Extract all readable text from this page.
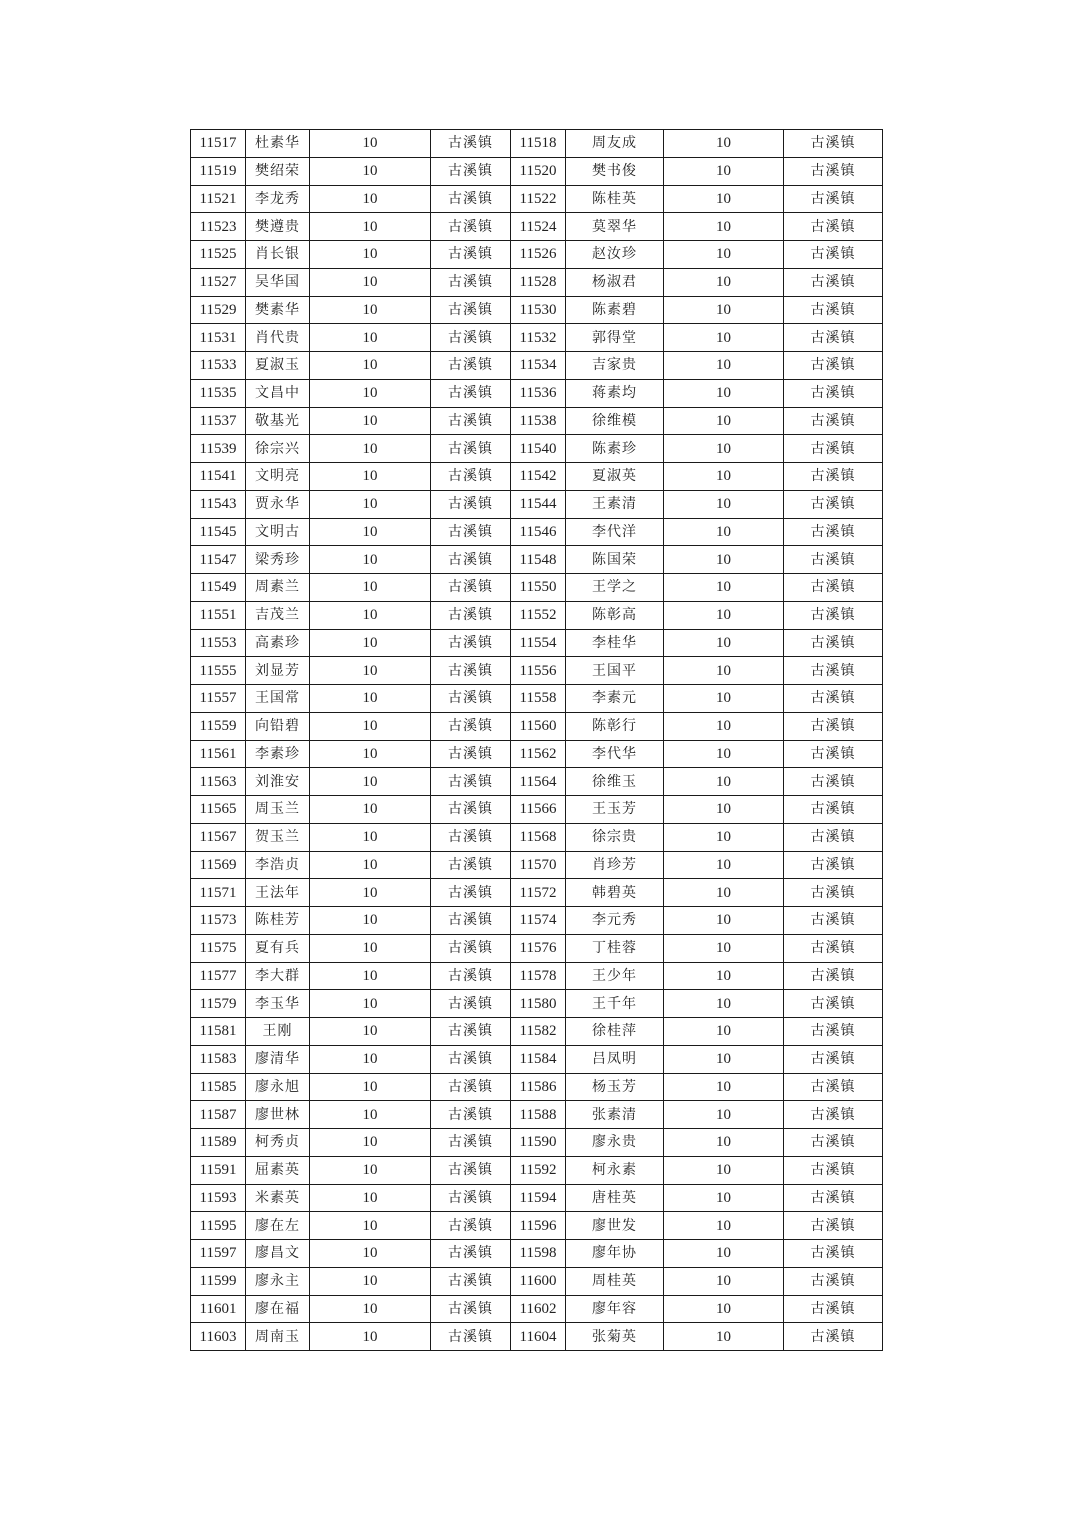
11517	杜素华	10	古溪镇	11518	周友成	10	古溪镇
11519	樊绍荣	10	古溪镇	11520	樊书俊	10	古溪镇
11521	李龙秀	10	古溪镇	11522	陈桂英	10	古溪镇
11523	樊遵贵	10	古溪镇	11524	莫翠华	10	古溪镇
11525	肖长银	10	古溪镇	11526	赵汝珍	10	古溪镇
11527	吴华国	10	古溪镇	11528	杨淑君	10	古溪镇
11529	樊素华	10	古溪镇	11530	陈素碧	10	古溪镇
11531	肖代贵	10	古溪镇	11532	郭得堂	10	古溪镇
11533	夏淑玉	10	古溪镇	11534	吉家贵	10	古溪镇
11535	文昌中	10	古溪镇	11536	蒋素均	10	古溪镇
11537	敬基光	10	古溪镇	11538	徐维模	10	古溪镇
11539	徐宗兴	10	古溪镇	11540	陈素珍	10	古溪镇
11541	文明亮	10	古溪镇	11542	夏淑英	10	古溪镇
11543	贾永华	10	古溪镇	11544	王素清	10	古溪镇
11545	文明古	10	古溪镇	11546	李代洋	10	古溪镇
11547	梁秀珍	10	古溪镇	11548	陈国荣	10	古溪镇
11549	周素兰	10	古溪镇	11550	王学之	10	古溪镇
11551	吉茂兰	10	古溪镇	11552	陈彰高	10	古溪镇
11553	高素珍	10	古溪镇	11554	李桂华	10	古溪镇
11555	刘显芳	10	古溪镇	11556	王国平	10	古溪镇
11557	王国常	10	古溪镇	11558	李素元	10	古溪镇
11559	向铅碧	10	古溪镇	11560	陈彰行	10	古溪镇
11561	李素珍	10	古溪镇	11562	李代华	10	古溪镇
11563	刘淮安	10	古溪镇	11564	徐维玉	10	古溪镇
11565	周玉兰	10	古溪镇	11566	王玉芳	10	古溪镇
11567	贺玉兰	10	古溪镇	11568	徐宗贵	10	古溪镇
11569	李浩贞	10	古溪镇	11570	肖珍芳	10	古溪镇
11571	王法年	10	古溪镇	11572	韩碧英	10	古溪镇
11573	陈桂芳	10	古溪镇	11574	李元秀	10	古溪镇
11575	夏有兵	10	古溪镇	11576	丁桂蓉	10	古溪镇
11577	李大群	10	古溪镇	11578	王少年	10	古溪镇
11579	李玉华	10	古溪镇	11580	王千年	10	古溪镇
11581	王刚	10	古溪镇	11582	徐桂萍	10	古溪镇
11583	廖清华	10	古溪镇	11584	吕凤明	10	古溪镇
11585	廖永旭	10	古溪镇	11586	杨玉芳	10	古溪镇
11587	廖世林	10	古溪镇	11588	张素清	10	古溪镇
11589	柯秀贞	10	古溪镇	11590	廖永贵	10	古溪镇
11591	屈素英	10	古溪镇	11592	柯永素	10	古溪镇
11593	米素英	10	古溪镇	11594	唐桂英	10	古溪镇
11595	廖在左	10	古溪镇	11596	廖世发	10	古溪镇
11597	廖昌文	10	古溪镇	11598	廖年协	10	古溪镇
11599	廖永主	10	古溪镇	11600	周桂英	10	古溪镇
11601	廖在福	10	古溪镇	11602	廖年容	10	古溪镇
11603	周南玉	10	古溪镇	11604	张菊英	10	古溪镇
